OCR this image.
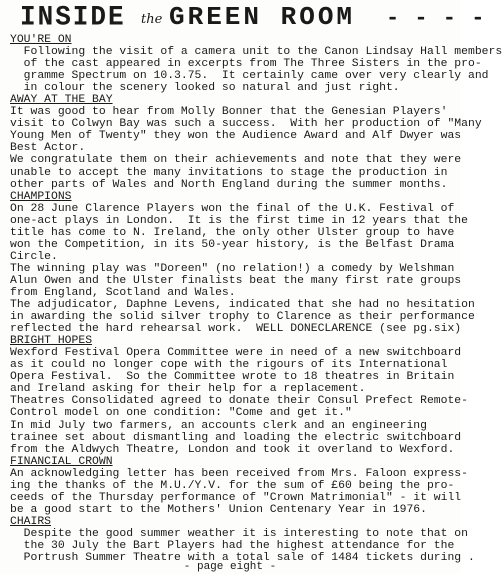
INSIDE the GREEN ROOM - - - -
YOU'RE ON
Following the visit of a camera unit to the Canon Lindsay Hall members
of the cast appeared in excerpts from The Three Sisters in the pro-
gramme Spectrum on 10.3.75.  It certainly came over very clearly and
in colour the scenery looked so natural and just right.
AWAY AT THE BAY
It was good to hear from Molly Bonner that the Genesian Players'
visit to Colwyn Bay was such a success.  With her production of "Many
Young Men of Twenty" they won the Audience Award and Alf Dwyer was
Best Actor.
We congratulate them on their achievements and note that they were
unable to accept the many invitations to stage the production in
other parts of Wales and North England during the summer months.
CHAMPIONS
On 28 June Clarence Players won the final of the U.K. Festival of
one-act plays in London.  It is the first time in 12 years that the
title has come to N. Ireland, the only other Ulster group to have
won the Competition, in its 50-year history, is the Belfast Drama
Circle.
The winning play was "Doreen" (no relation!) a comedy by Welshman
Alun Owen and the Ulster finalists beat the many first rate groups
from England, Scotland and Wales.
The adjudicator, Daphne Levens, indicated that she had no hesitation
in awarding the solid silver trophy to Clarence as their performance
reflected the hard rehearsal work.  WELL DONECLARENCE (see pg.six)
BRIGHT HOPES
Wexford Festival Opera Committee were in need of a new switchboard
as it could no longer cope with the rigours of its International
Opera Festival.  So the Committee wrote to 18 theatres in Britain
and Ireland asking for their help for a replacement.
Theatres Consolidated agreed to donate their Consul Prefect Remote-
Control model on one condition: "Come and get it."
In mid July two farmers, an accounts clerk and an engineering
trainee set about dismantling and loading the electric switchboard
from the Aldwych Theatre, London and took it overland to Wexford.
FINANCIAL CROWN
An acknowledging letter has been received from Mrs. Faloon express-
ing the thanks of the M.U./Y.V. for the sum of £60 being the pro-
ceeds of the Thursday performance of "Crown Matrimonial" - it will
be a good start to the Mothers' Union Centenary Year in 1976.
CHAIRS
Despite the good summer weather it is interesting to note that on
the 30 July the Bart Players had the highest attendance for the
Portrush Summer Theatre with a total sale of 1484 tickets during .
- page eight -
